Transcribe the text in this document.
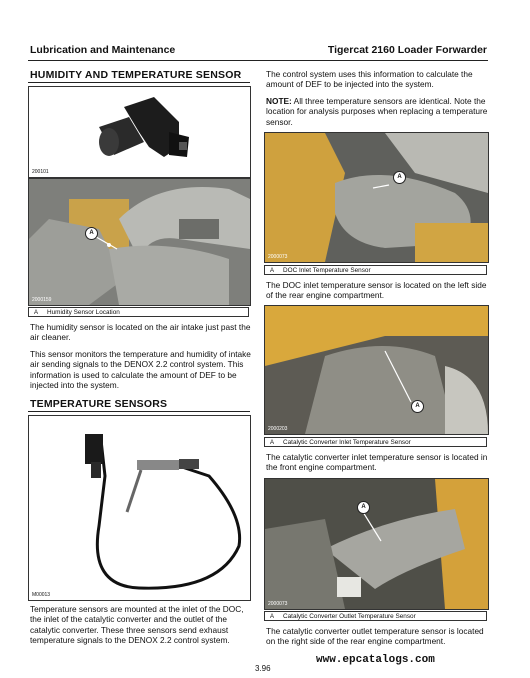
Lubrication and Maintenance	Tigercat 2160 Loader Forwarder
HUMIDITY AND TEMPERATURE SENSOR
200101
A
2000159
A Humidity Sensor Location
The humidity sensor is located on the air intake just past the air cleaner.
This sensor monitors the temperature and humidity of intake air sending signals to the DENOX 2.2 control system. This information is used to calculate the amount of DEF to be injected into the system.
TEMPERATURE SENSORS
M00013
Temperature sensors are mounted at the inlet of the DOC, the inlet of the catalytic converter and the outlet of the catalytic converter. These three sensors send exhaust temperature signals to the DENOX 2.2 control system.
The control system uses this information to calculate the amount of DEF to be injected into the system.
NOTE: All three temperature sensors are identical. Note the location for analysis purposes when replacing a temperature sensor.
A
2000073
A DOC Inlet Temperature Sensor
The DOC inlet temperature sensor is located on the left side of the rear engine compartment.
A
2000203
A Catalytic Converter Inlet Temperature Sensor
The catalytic converter inlet temperature sensor is located in the front engine compartment.
A
2000073
A Catalytic Converter Outlet Temperature Sensor
The catalytic converter outlet temperature sensor is located on the right side of the rear engine compartment.
3.96
www.epcatalogs.com
